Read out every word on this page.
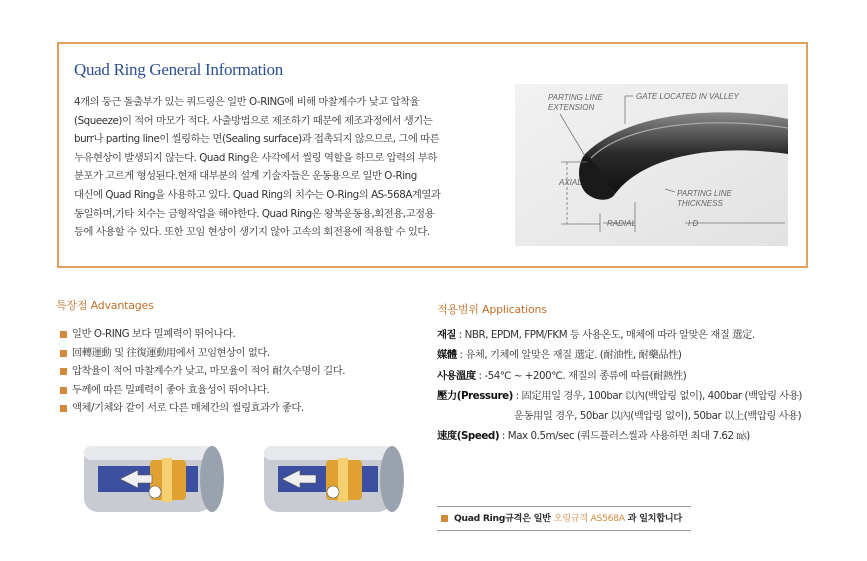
Quad Ring General Information

4개의 둥근 돌출부가 있는 쿼드링은 일반 O-RING에 비해 마찰계수가 낮고 압착율

(Squeeze)이 적어 마모가 적다. 사출방법으로 제조하기 때문에 제조과정에서 생기는

burr나 parting line이 씰링하는 면(Sealing surface)과 접촉되지 않으므로, 그에 따른

누유현상이 발생되지 않는다. Quad Ring은 사각에서 씰링 역할을 하므로 압력의 부하

분포가 고르게 형성된다.현재 대부분의 설계 기술자들은 운동용으로 일반 O-Ring

대신에 Quad Ring을 사용하고 있다. Quad Ring의 치수는 O-Ring의 AS-568A계열과

동일하며,기타 치수는 금형작업을 해야한다. Quad Ring은 왕복운동용,회전용,고정용

등에 사용할 수 있다. 또한 꼬임 현상이 생기지 않아 고속의 회전용에 적용할 수 있다.

PARTING LINE
EXTENSION
GATE LOCATED IN VALLEY
AXIAL
PARTING LINE
THICKNESS
RADIAL	I D
특장점 Advantages
일반 O-RING 보다 밀폐력이 뛰어나다.
回轉運動 및 往復運動用에서 꼬임현상이 없다.
압착율이 적어 마찰계수가 낮고, 마모율이 적어 耐久수명이 길다.
두께에 따른 밀폐력이 좋아 효율성이 뛰어나다.
액체/기체와 같이 서로 다른 매체간의 씰링효과가 좋다.
적용범위 Applications
재질 : NBR, EPDM, FPM/FKM 등 사용온도, 매체에 따라 알맞은 재질 選定.
媒體 : 유체, 기체에 알맞은 재질 選定. (耐油性, 耐藥品性)
사용溫度 : -54℃ ~ +200℃. 재질의 종류에 따름(耐熱性)
壓力(Pressure) : 固定用일 경우, 100bar 以內(백압링 없이), 400bar (백압링 사용)
운동用일 경우, 50bar 以內(백압링 없이), 50bar 以上(백압링 사용)
速度(Speed) : Max 0.5m/sec (쿼드플러스씰과 사용하면 최대 7.62 ㎧)
Quad Ring규격은 일반 오링규격 AS568A 과 일치합니다
